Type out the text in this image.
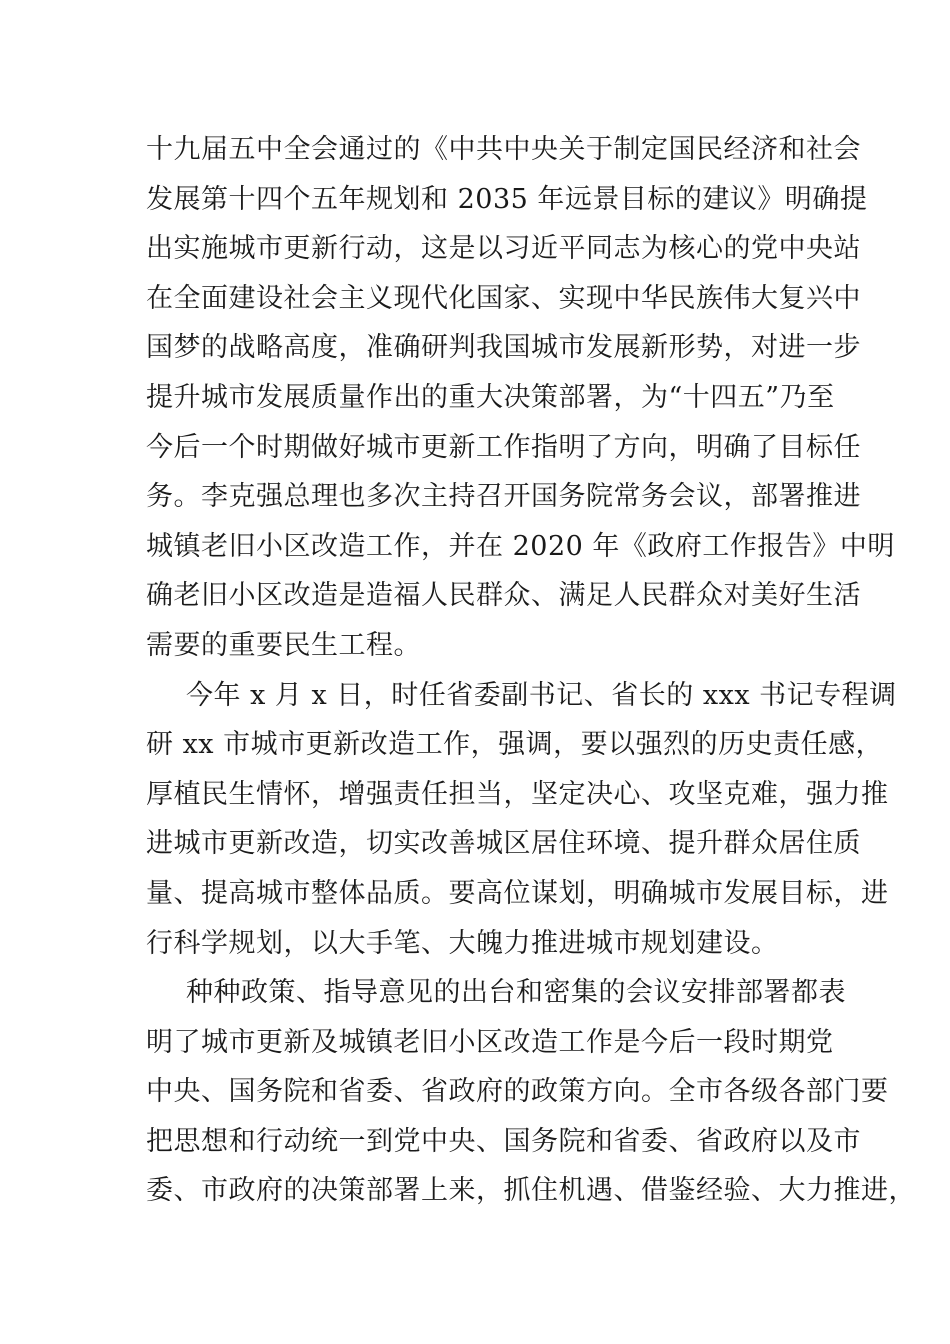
十九届五中全会通过的《中共中央关于制定国民经济和社会
发展第十四个五年规划和 2035 年远景目标的建议》明确提
出实施城市更新行动，这是以习近平同志为核心的党中央站
在全面建设社会主义现代化国家、实现中华民族伟大复兴中
国梦的战略高度，准确研判我国城市发展新形势，对进一步
提升城市发展质量作出的重大决策部署，为“十四五”乃至
今后一个时期做好城市更新工作指明了方向，明确了目标任
务。李克强总理也多次主持召开国务院常务会议，部署推进
城镇老旧小区改造工作，并在 2020 年《政府工作报告》中明
确老旧小区改造是造福人民群众、满足人民群众对美好生活
需要的重要民生工程。
今年 x 月 x 日，时任省委副书记、省长的 xxx 书记专程调
研 xx 市城市更新改造工作，强调，要以强烈的历史责任感，
厚植民生情怀，增强责任担当，坚定决心、攻坚克难，强力推
进城市更新改造，切实改善城区居住环境、提升群众居住质
量、提高城市整体品质。要高位谋划，明确城市发展目标，进
行科学规划，以大手笔、大魄力推进城市规划建设。
种种政策、指导意见的出台和密集的会议安排部署都表
明了城市更新及城镇老旧小区改造工作是今后一段时期党
中央、国务院和省委、省政府的政策方向。全市各级各部门要
把思想和行动统一到党中央、国务院和省委、省政府以及市
委、市政府的决策部署上来，抓住机遇、借鉴经验、大力推进，
